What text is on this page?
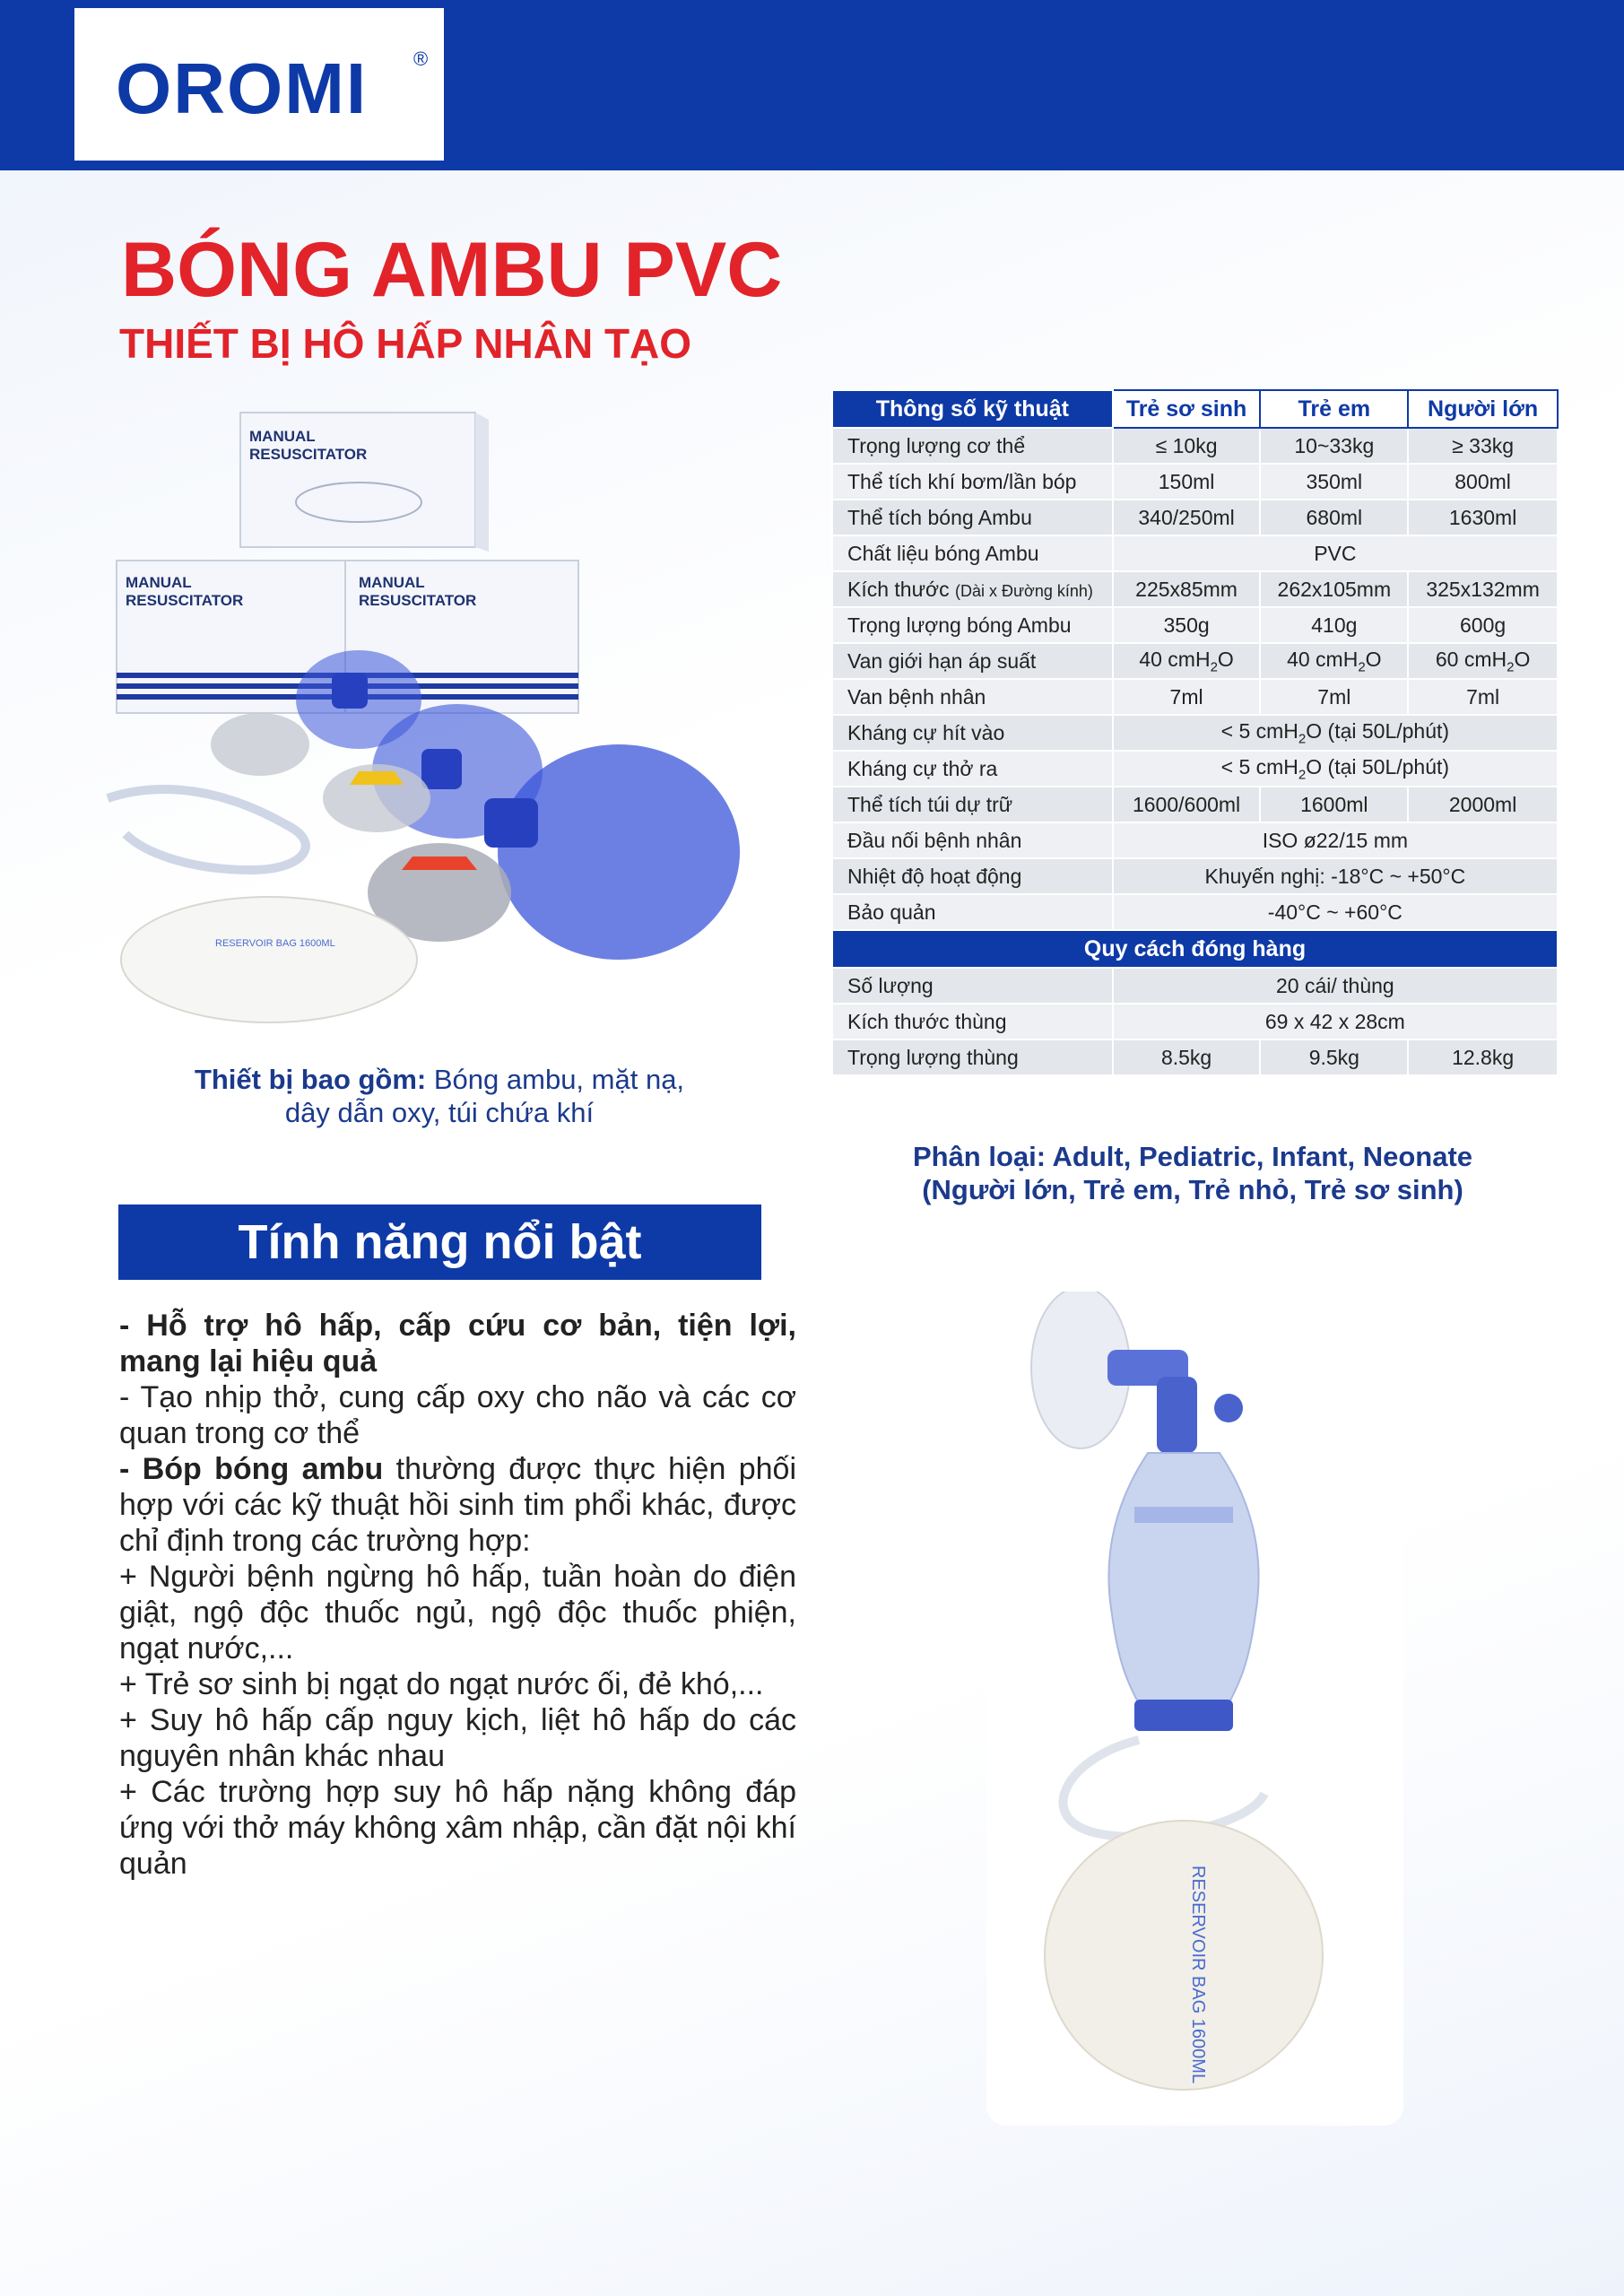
OROMI ®
BÓNG AMBU PVC
THIẾT BỊ HÔ HẤP NHÂN TẠO
MANUAL
RESUSCITATOR
MANUAL
RESUSCITATOR
MANUAL
RESUSCITATOR
RESERVOIR BAG 1600ML
Thiết bị bao gồm: Bóng ambu, mặt nạ,
dây dẫn oxy, túi chứa khí
Thông số kỹ thuật	Trẻ sơ sinh	Trẻ em	Người lớn
Trọng lượng cơ thể	≤ 10kg	10~33kg	≥ 33kg
Thể tích khí bơm/lần bóp	150ml	350ml	800ml
Thể tích bóng Ambu	340/250ml	680ml	1630ml
Chất liệu bóng Ambu	PVC		
Kích thước (Dài x Đường kính)	225x85mm	262x105mm	325x132mm
Trọng lượng bóng Ambu	350g	410g	600g
Van giới hạn áp suất	40 cmH$_2$O	40 cmH$_2$O	60 cmH$_2$O
Van bệnh nhân	7ml	7ml	7ml
Kháng cự hít vào	< 5 cmH$_2$O (tại 50L/phút)		
Kháng cự thở ra	< 5 cmH$_2$O (tại 50L/phút)		
Thể tích túi dự trữ	1600/600ml	1600ml	2000ml
Đầu nối bệnh nhân	ISO ø22/15 mm		
Nhiệt độ hoạt động	Khuyến nghị: -18°C ~ +50°C		
Bảo quản	-40°C ~ +60°C		
Quy cách đóng hàng			
Số lượng	20 cái/ thùng		
Kích thước thùng	69 x 42 x 28cm		
Trọng lượng thùng	8.5kg	9.5kg	12.8kg
Phân loại: Adult, Pediatric, Infant, Neonate
(Người lớn, Trẻ em, Trẻ nhỏ, Trẻ sơ sinh)
Tính năng nổi bật

- Hỗ trợ hô hấp, cấp cứu cơ bản, tiện lợi, mang lại hiệu quả

- Tạo nhịp thở, cung cấp oxy cho não và các cơ quan trong cơ thể

- Bóp bóng ambu thường được thực hiện phối hợp với các kỹ thuật hồi sinh tim phổi khác, được chỉ định trong các trường hợp:

+ Người bệnh ngừng hô hấp, tuần hoàn do điện giật, ngộ độc thuốc ngủ, ngộ độc thuốc phiện, ngạt nước,...

+ Trẻ sơ sinh bị ngạt do ngạt nước ối, đẻ khó,...

+ Suy hô hấp cấp nguy kịch, liệt hô hấp do các nguyên nhân khác nhau

+ Các trường hợp suy hô hấp nặng không đáp ứng với thở máy không xâm nhập, cần đặt nội khí quản

RESERVOIR BAG 1600ML
